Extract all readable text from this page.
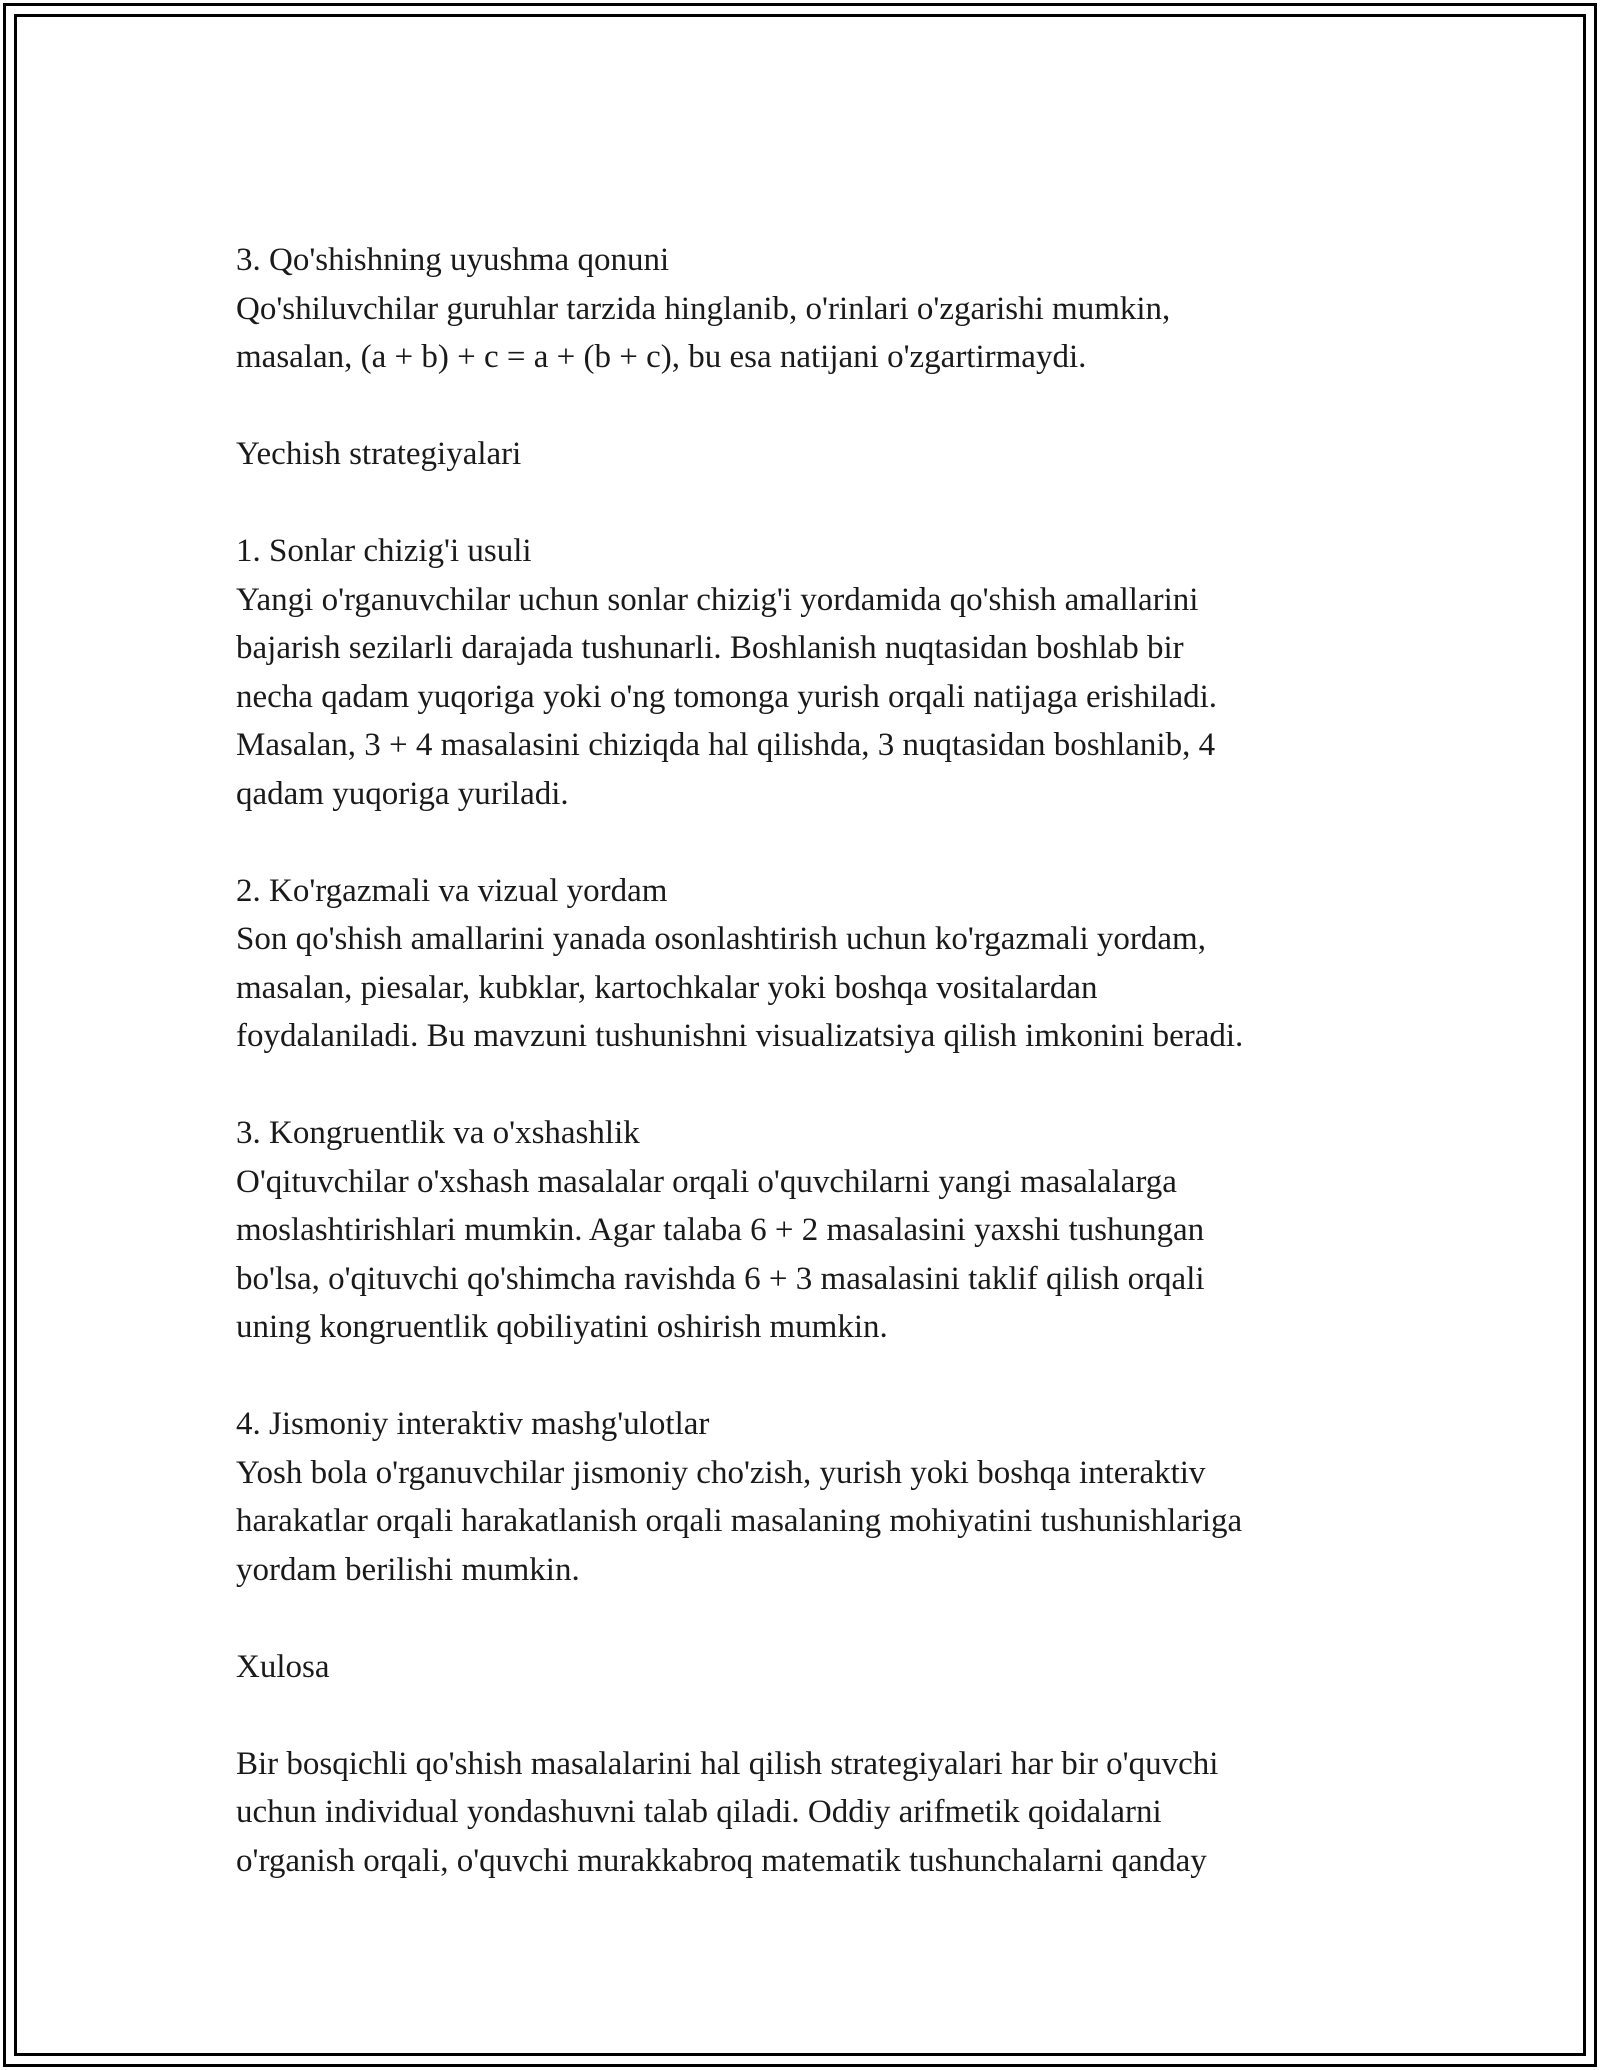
3. Qo'shishning uyushma qonuni

Qo'shiluvchilar guruhlar tarzida hinglanib, o'rinlari o'zgarishi mumkin,

masalan, (a + b) + c = a + (b + c), bu esa natijani o'zgartirmaydi.

Yechish strategiyalari

1. Sonlar chizig'i usuli

Yangi o'rganuvchilar uchun sonlar chizig'i yordamida qo'shish amallarini

bajarish sezilarli darajada tushunarli. Boshlanish nuqtasidan boshlab bir

necha qadam yuqoriga yoki o'ng tomonga yurish orqali natijaga erishiladi.

Masalan, 3 + 4 masalasini chiziqda hal qilishda, 3 nuqtasidan boshlanib, 4

qadam yuqoriga yuriladi.

2. Ko'rgazmali va vizual yordam

Son qo'shish amallarini yanada osonlashtirish uchun ko'rgazmali yordam,

masalan, piesalar, kubklar, kartochkalar yoki boshqa vositalardan

foydalaniladi. Bu mavzuni tushunishni visualizatsiya qilish imkonini beradi.

3. Kongruentlik va o'xshashlik

O'qituvchilar o'xshash masalalar orqali o'quvchilarni yangi masalalarga

moslashtirishlari mumkin. Agar talaba 6 + 2 masalasini yaxshi tushungan

bo'lsa, o'qituvchi qo'shimcha ravishda 6 + 3 masalasini taklif qilish orqali

uning kongruentlik qobiliyatini oshirish mumkin.

4. Jismoniy interaktiv mashg'ulotlar

Yosh bola o'rganuvchilar jismoniy cho'zish, yurish yoki boshqa interaktiv

harakatlar orqali harakatlanish orqali masalaning mohiyatini tushunishlariga

yordam berilishi mumkin.

Xulosa

Bir bosqichli qo'shish masalalarini hal qilish strategiyalari har bir o'quvchi

uchun individual yondashuvni talab qiladi. Oddiy arifmetik qoidalarni

o'rganish orqali, o'quvchi murakkabroq matematik tushunchalarni qanday
